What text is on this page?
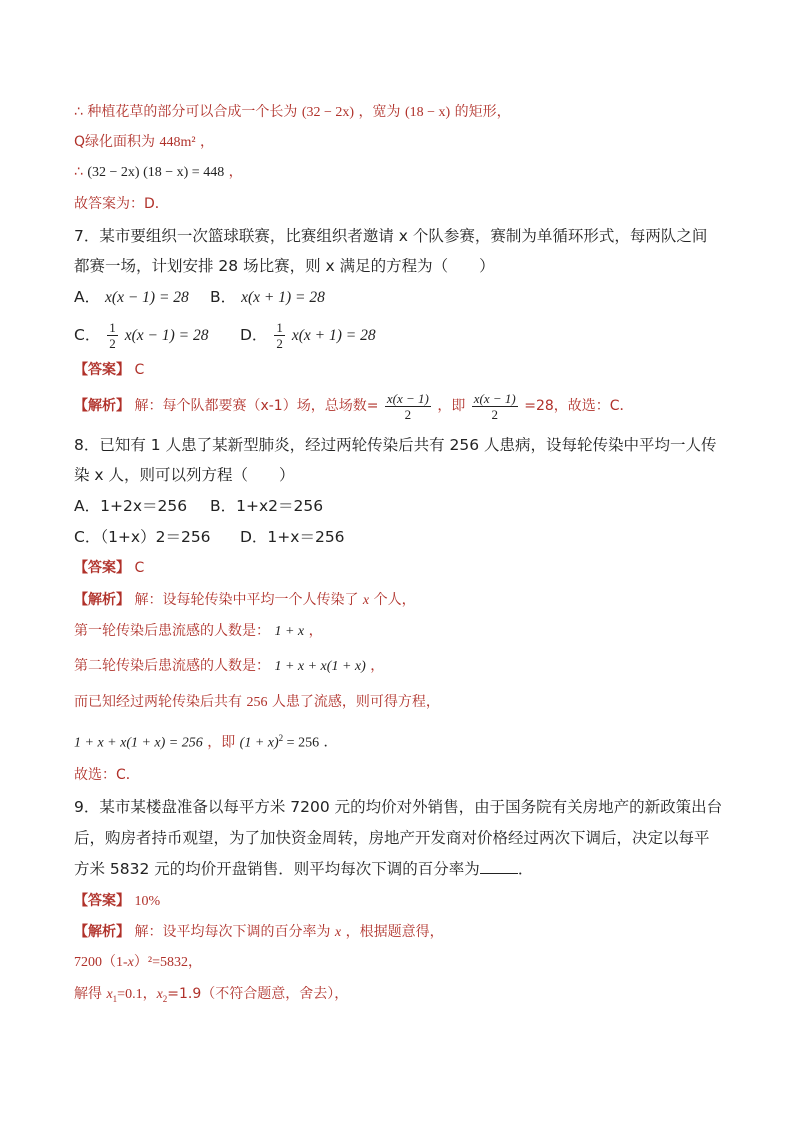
∴ 种植花草的部分可以合成一个长为 (32 − 2x) ，宽为 (18 − x) 的矩形，
Q绿化面积为 448m² ，
∴ (32 − 2x) (18 − x) = 448 ，
故答案为：D．
7．某市要组织一次篮球联赛，比赛组织者邀请 x 个队参赛，赛制为单循环形式，每两队之间
都赛一场，计划安排 28 场比赛，则 x 满足的方程为（　　）
A． x(x − 1) = 28 B． x(x + 1) = 28
C． $\frac{1}{2} x(x - 1) = 28$ D． $\frac{1}{2} x(x + 1) = 28$
【答案】 C
【解析】 解：每个队都要赛（x-1）场，总场数= $\frac{x(x - 1)}{2}$ ，即 $\frac{x(x - 1)}{2} =28$，故选：C．
8．已知有 1 人患了某新型肺炎，经过两轮传染后共有 256 人患病，设每轮传染中平均一人传
染 x 人，则可以列方程（　　）
A．1+2x＝256 B．1+x2＝256
C．（1+x）2＝256 D．1+x＝256
【答案】 C
【解析】 解：设每轮传染中平均一个人传染了 x 个人，
第一轮传染后患流感的人数是： 1 + x ，
第二轮传染后患流感的人数是： 1 + x + x(1 + x) ，
而已知经过两轮传染后共有 256 人患了流感，则可得方程，
1 + x + x(1 + x) = 256 ，即 $(1 + x)^2 = 256$ ．
故选：C．
9．某市某楼盘准备以每平方米 7200 元的均价对外销售，由于国务院有关房地产的新政策出台
后，购房者持币观望，为了加快资金周转，房地产开发商对价格经过两次下调后，决定以每平
方米 5832 元的均价开盘销售．则平均每次下调的百分率为 ．
【答案】 10%
【解析】 解：设平均每次下调的百分率为 x ，根据题意得，
7200（1-x）²=5832，
解得 $x_1=0.1$，$x_2=1.9$（不符合题意，舍去），
